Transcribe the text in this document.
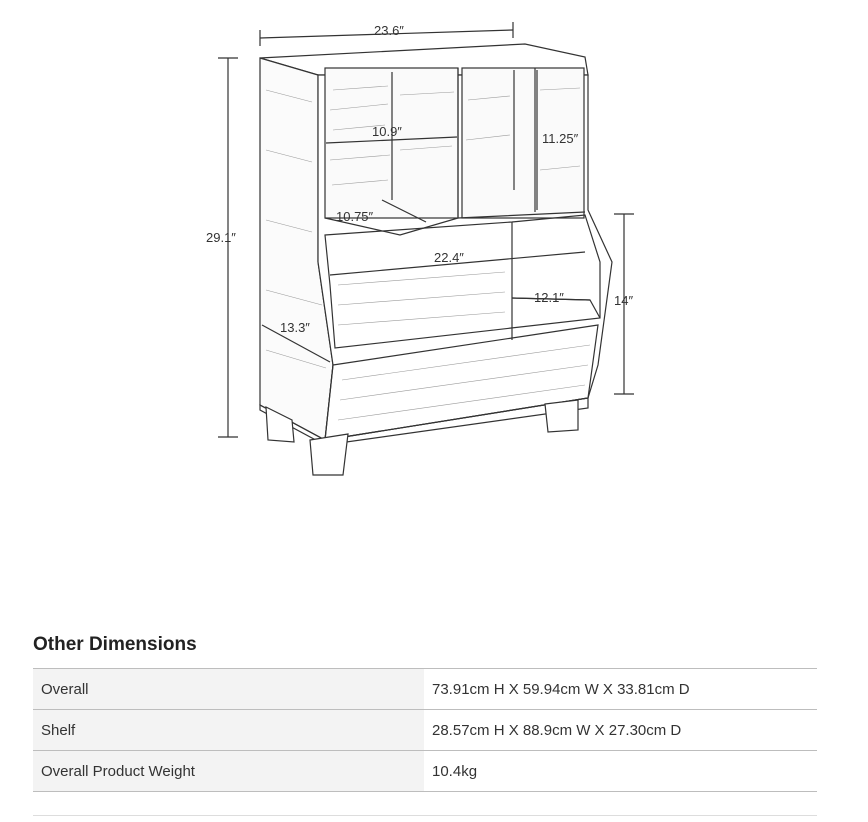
23.6″
29.1″
10.9″	11.25″
10.75″
22.4″
12.1″
13.3″
14″
Other Dimensions
Overall	73.91cm H X 59.94cm W X 33.81cm D
Shelf	28.57cm H X 88.9cm W X 27.30cm D
Overall Product Weight	10.4kg
